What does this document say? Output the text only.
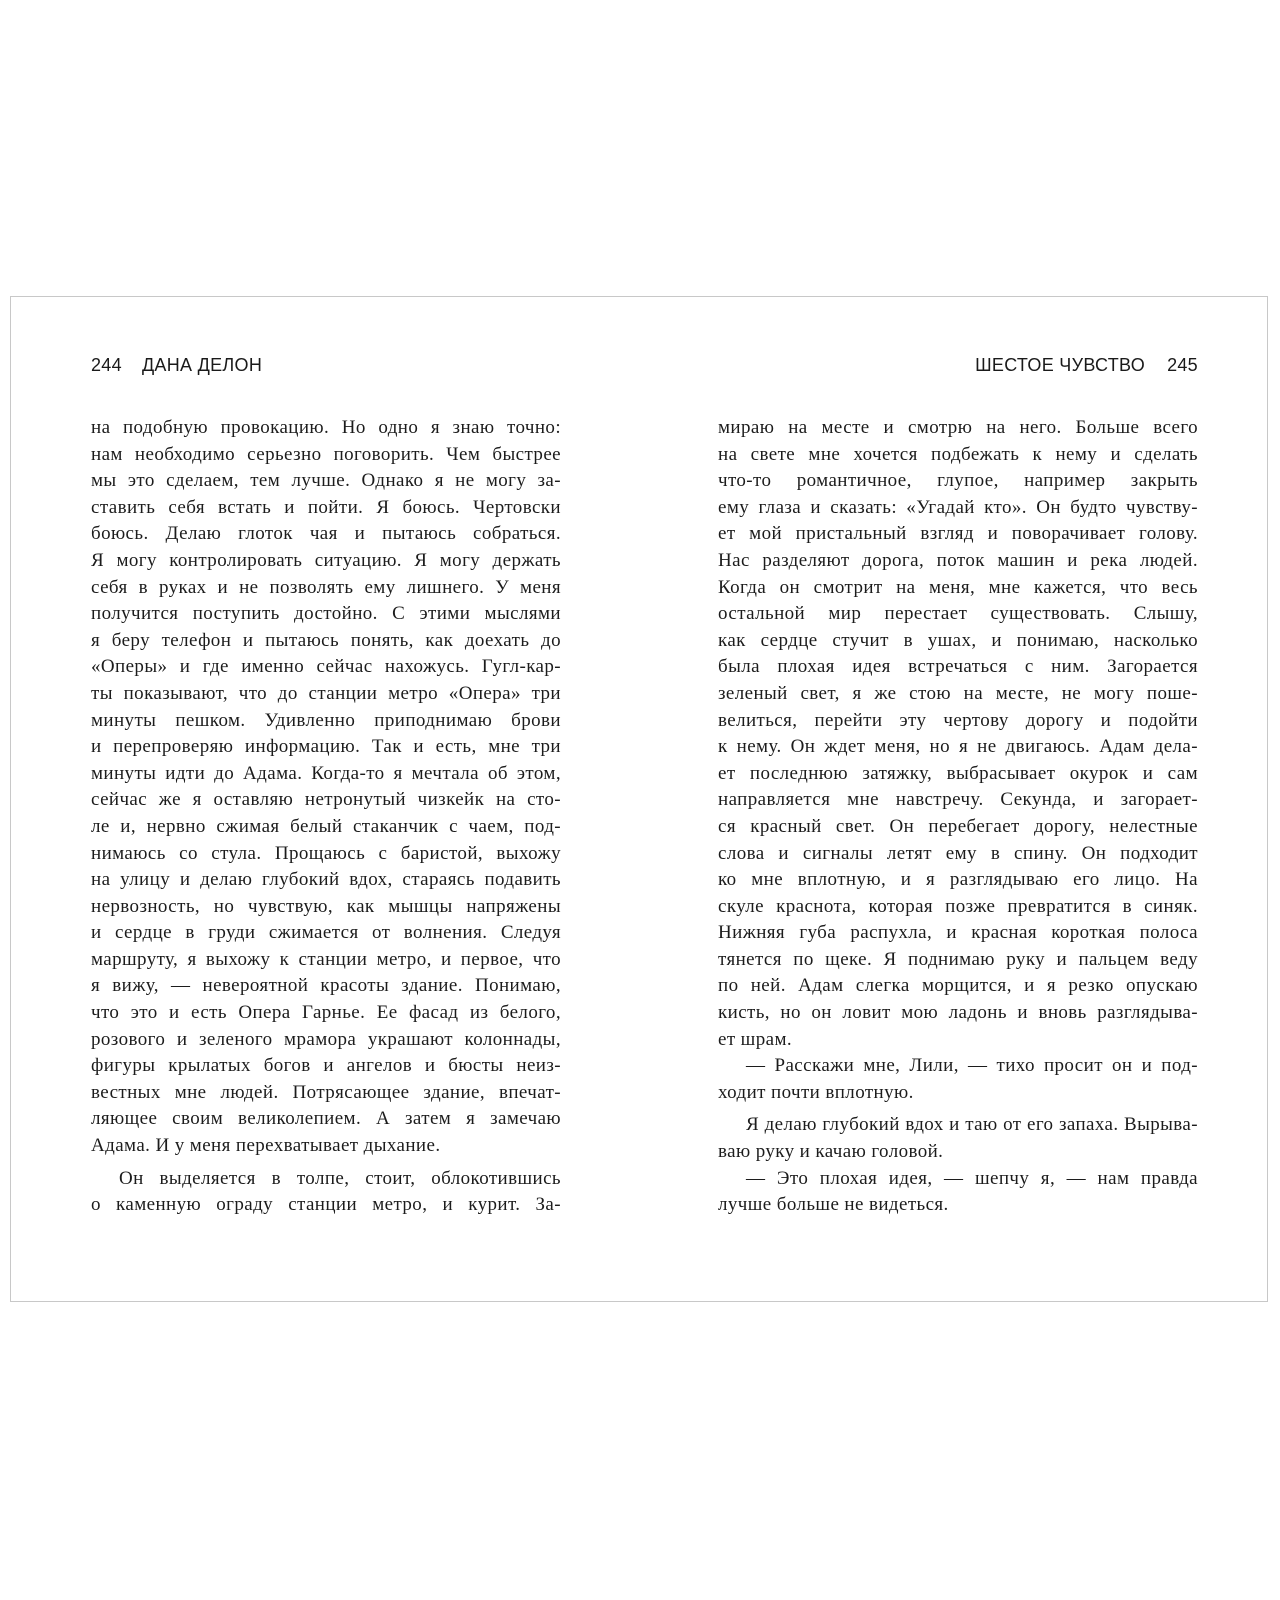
244 ДАНА ДЕЛОН
на подобную провокацию. Но одно я знаю точно:
нам необходимо серьезно поговорить. Чем быстрее
мы это сделаем, тем лучше. Однако я не могу за-
ставить себя встать и пойти. Я боюсь. Чертовски
боюсь. Делаю глоток чая и пытаюсь собраться.
Я могу контролировать ситуацию. Я могу держать
себя в руках и не позволять ему лишнего. У меня
получится поступить достойно. С этими мыслями
я беру телефон и пытаюсь понять, как доехать до
«Оперы» и где именно сейчас нахожусь. Гугл-кар-
ты показывают, что до станции метро «Опера» три
минуты пешком. Удивленно приподнимаю брови
и перепроверяю информацию. Так и есть, мне три
минуты идти до Адама. Когда-то я мечтала об этом,
сейчас же я оставляю нетронутый чизкейк на сто-
ле и, нервно сжимая белый стаканчик с чаем, под-
нимаюсь со стула. Прощаюсь с баристой, выхожу
на улицу и делаю глубокий вдох, стараясь подавить
нервозность, но чувствую, как мышцы напряжены
и сердце в груди сжимается от волнения. Следуя
маршруту, я выхожу к станции метро, и первое, что
я вижу, — невероятной красоты здание. Понимаю,
что это и есть Опера Гарнье. Ее фасад из белого,
розового и зеленого мрамора украшают колоннады,
фигуры крылатых богов и ангелов и бюсты неиз-
вестных мне людей. Потрясающее здание, впечат-
ляющее своим великолепием. А затем я замечаю
Адама. И у меня перехватывает дыхание.
Он выделяется в толпе, стоит, облокотившись
о каменную ограду станции метро, и курит. За-
ШЕСТОЕ ЧУВСТВО 245
мираю на месте и смотрю на него. Больше всего
на свете мне хочется подбежать к нему и сделать
что-то романтичное, глупое, например закрыть
ему глаза и сказать: «Угадай кто». Он будто чувству-
ет мой пристальный взгляд и поворачивает голову.
Нас разделяют дорога, поток машин и река людей.
Когда он смотрит на меня, мне кажется, что весь
остальной мир перестает существовать. Слышу,
как сердце стучит в ушах, и понимаю, насколько
была плохая идея встречаться с ним. Загорается
зеленый свет, я же стою на месте, не могу поше-
велиться, перейти эту чертову дорогу и подойти
к нему. Он ждет меня, но я не двигаюсь. Адам дела-
ет последнюю затяжку, выбрасывает окурок и сам
направляется мне навстречу. Секунда, и загорает-
ся красный свет. Он перебегает дорогу, нелестные
слова и сигналы летят ему в спину. Он подходит
ко мне вплотную, и я разглядываю его лицо. На
скуле краснота, которая позже превратится в синяк.
Нижняя губа распухла, и красная короткая полоса
тянется по щеке. Я поднимаю руку и пальцем веду
по ней. Адам слегка морщится, и я резко опускаю
кисть, но он ловит мою ладонь и вновь разглядыва-
ет шрам.
— Расскажи мне, Лили, — тихо просит он и под-
ходит почти вплотную.
Я делаю глубокий вдох и таю от его запаха. Вырыва-
ваю руку и качаю головой.
— Это плохая идея, — шепчу я, — нам правда
лучше больше не видеться.
